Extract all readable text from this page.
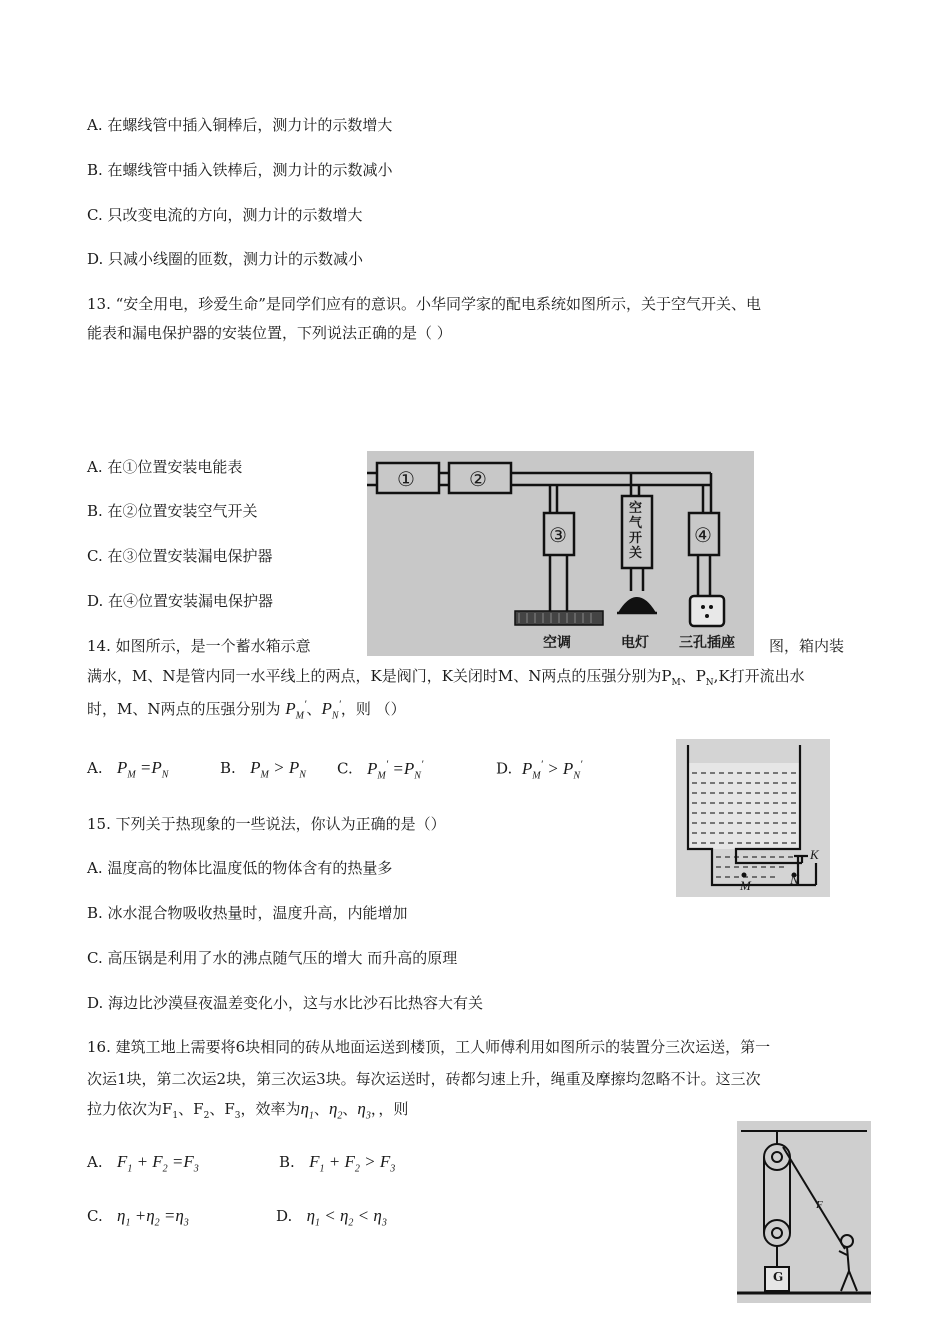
A. 在螺线管中插入铜棒后，测力计的示数增大
B. 在螺线管中插入铁棒后，测力计的示数减小
C. 只改变电流的方向，测力计的示数增大
D. 只减小线圈的匝数，测力计的示数减小
13. “安全用电，珍爱生命”是同学们应有的意识。小华同学家的配电系统如图所示，关于空气开关、电
能表和漏电保护器的安装位置，下列说法正确的是（ ）
A. 在①位置安装电能表
B. 在②位置安装空气开关
C. 在③位置安装漏电保护器
D. 在④位置安装漏电保护器
①	②
③	④
空气开关
空调	电灯 三孔插座
14. 如图所示，是一个蓄水箱示意	图，箱内装
满水，M、N是管内同一水平线上的两点，K是阀门，K关闭时M、N两点的压强分别为$P_M$、$P_N,K$打开流出水
时，M、N两点的压强分别为 $P_M'$、$P_N'$，则 （）
A. $P_M =P_N$	B. $P_M > P_N$ C. $P_M' =P_N'$	D. $P_M' > P_N'$
K
M	N
15. 下列关于热现象的一些说法，你认为正确的是（）
A. 温度高的物体比温度低的物体含有的热量多
B. 冰水混合物吸收热量时，温度升高，内能增加
C. 高压锅是利用了水的沸点随气压的增大 而升高的原理
D. 海边比沙漠昼夜温差变化小，这与水比沙石比热容大有关
16. 建筑工地上需要将6块相同的砖从地面运送到楼顶，工人师傅利用如图所示的装置分三次运送，第一
次运1块，第二次运2块，第三次运3块。每次运送时，砖都匀速上升，绳重及摩擦均忽略不计。这三次
拉力依次为$F_1$、$F_2$、$F_3$，效率为$\eta_1$、$\eta_2$、$\eta_3$，，则
A. $F_1 + F_2 =F_3$	B. $F_1 + F_2 > F_3$
C. $\eta_1 +\eta_2 =\eta_3$	D. $\eta_1 < \eta_2 < \eta_3$
G
F
